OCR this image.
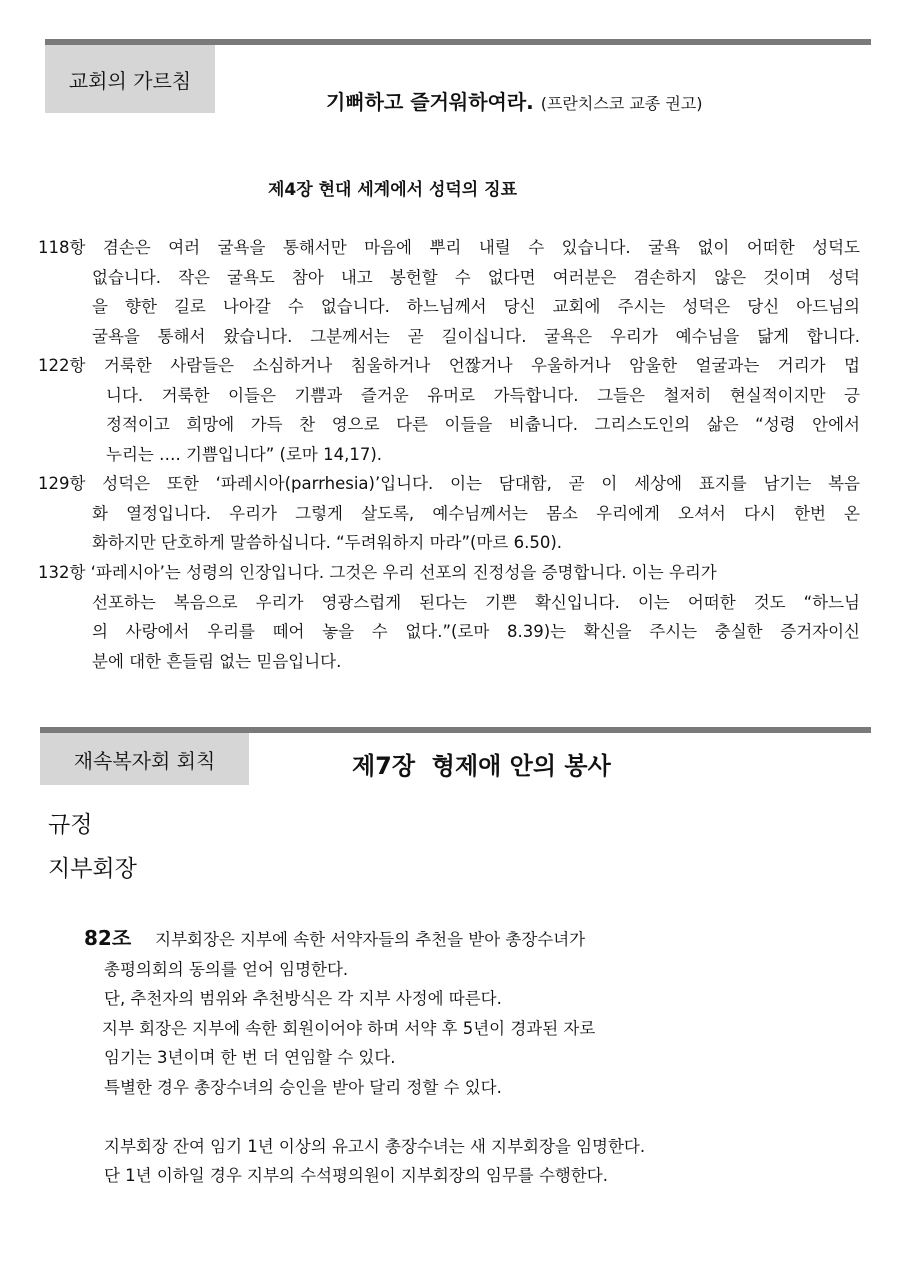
교회의 가르침
기뻐하고 즐거워하여라. (프란치스코 교종 권고)
제4장 현대 세계에서 성덕의 징표
118항 겸손은 여러 굴욕을 통해서만 마음에 뿌리 내릴 수 있습니다. 굴욕 없이 어떠한 성덕도
없습니다. 작은 굴욕도 참아 내고 봉헌할 수 없다면 여러분은 겸손하지 않은 것이며 성덕
을 향한 길로 나아갈 수 없습니다. 하느님께서 당신 교회에 주시는 성덕은 당신 아드님의
굴욕을 통해서 왔습니다. 그분께서는 곧 길이십니다. 굴욕은 우리가 예수님을 닮게 합니다.
122항 거룩한 사람들은 소심하거나 침울하거나 언짢거나 우울하거나 암울한 얼굴과는 거리가 멉
니다. 거룩한 이들은 기쁨과 즐거운 유머로 가득합니다. 그들은 철저히 현실적이지만 긍
정적이고 희망에 가득 찬 영으로 다른 이들을 비춥니다. 그리스도인의 삶은 “성령 안에서
누리는 …. 기쁨입니다” (로마 14,17).
129항 성덕은 또한 ‘파레시아(parrhesia)’입니다. 이는 담대함, 곧 이 세상에 표지를 남기는 복음
화 열정입니다. 우리가 그렇게 살도록, 예수님께서는 몸소 우리에게 오셔서 다시 한번 온
화하지만 단호하게 말씀하십니다. “두려워하지 마라”(마르 6.50).
132항 ‘파레시아’는 성령의 인장입니다. 그것은 우리 선포의 진정성을 증명합니다. 이는 우리가
선포하는 복음으로 우리가 영광스럽게 된다는 기쁜 확신입니다. 이는 어떠한 것도 “하느님
의 사랑에서 우리를 떼어 놓을 수 없다.”(로마 8.39)는 확신을 주시는 충실한 증거자이신
분에 대한 흔들림 없는 믿음입니다.
재속복자회 회칙	제7장  형제애 안의 봉사
규정
지부회장
82조 지부회장은 지부에 속한 서약자들의 추천을 받아 총장수녀가
총평의회의 동의를 얻어 임명한다.
단, 추천자의 범위와 추천방식은 각 지부 사정에 따른다.
지부 회장은 지부에 속한 회원이어야 하며 서약 후 5년이 경과된 자로
임기는 3년이며 한 번 더 연임할 수 있다.
특별한 경우 총장수녀의 승인을 받아 달리 정할 수 있다.
지부회장 잔여 임기 1년 이상의 유고시 총장수녀는 새 지부회장을 임명한다.
단 1년 이하일 경우 지부의 수석평의원이 지부회장의 임무를 수행한다.
